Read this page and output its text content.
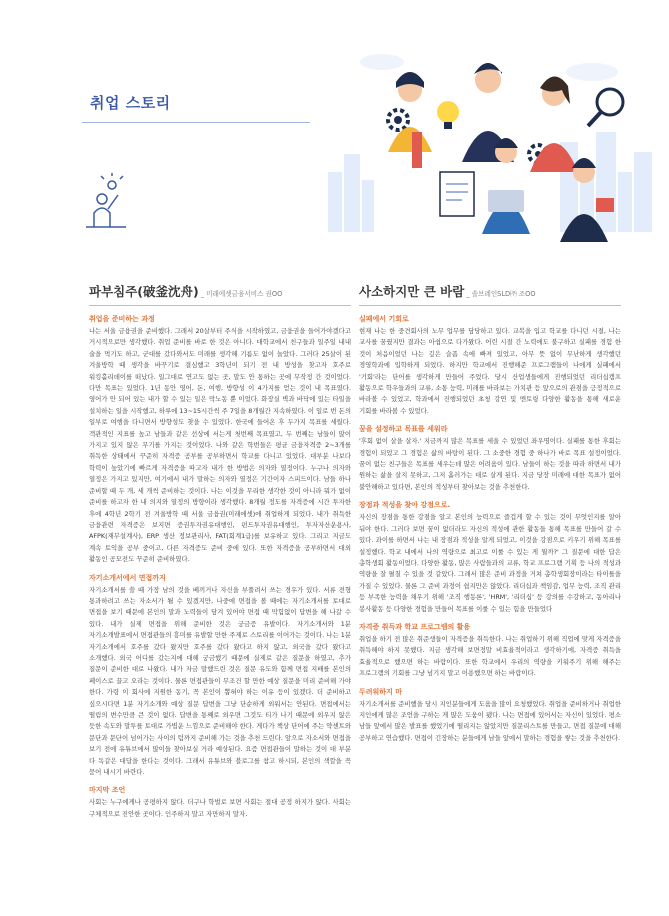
취업 스토리
파부침주(破釜沈舟) _ 미래에셋금융서비스 권OO
취업을 준비하는 과정

나는 서울 금융권을 준비했다. 그래서 20살부터 주식을 시작하였고, 금융권을 들어가야겠다고 거시적으로만 생각했다. 취업 준비를 바로 한 것은 아니다. 대학교에서 친구들과 일주일 내내 술을 먹기도 하고, 군대를 갔다와서도 미래를 생각해 기름도 없이 놀았다. 그러다 25살이 된 겨울방학 때 생각을 바꾸기로 결심했고 3학년이 되기 전 내 방성을 찾고자 호주로 워킹홀리데이를 떠났다. 일그대로 연고도 없는 곳, 말도 안 통하는 곳에 무작정 간 것이었다. 다만 목표는 있었다. 1년 동안 영어, 돈, 여행, 방향성 이 4가지를 얻는 것이 내 목표였다. 영어가 안 되어 있는 내가 할 수 있는 일은 막노동 뿐 이었다. 화장실 벽과 바닥에 있는 타일을 설치하는 일을 시작했고, 하루에 13~15시간씩 주 7일을 8개월간 지속하였다. 이 일로 번 돈의 일부로 여행을 다니면서 방향성도 찾을 수 있었다. 한국에 들어온 후 두가지 목표를 세웠다. 객관적인 지표를 높고 남들과 같은 선상에 서는게 첫번째 목표였고, 두 번째는 남들이 많이 가지고 있지 않은 무기를 가지는 것이었다. 나와 같은 학번들은 평균 금융자격증 2~3개를 취득한 상태에서 꾸준히 자격증 공부를 공부하면서 학교를 다니고 있었다. 대부분 나보다 학력이 높았기에 빠르게 자격증을 따고자 내가 한 방법은 의자와 열정이다. 누구나 의자와 열정은 가지고 있지만, 여기에서 내가 말하는 의자와 열정은 기간이자 스피드이다. 남들 하나 준비할 때 두 개, 세 개씩 준비하는 것이다. 나는 이것을 무리한 생각한 것이 아니라 뭐가 없이 준비를 하고자 한 내 의지와 열정의 방향이라 생각했다. 8개월 정도를 자격증에 시간 투자한 후에 4학년 2학기 전 겨울방학 때 서울 금융권(미래에셋)에 취업하게 되었다. 내가 취득한 금융관련 자격증은 보지면 증권투자권유대행인, 펀드투자권유대행인, 투자자산운용사, AFPK(재무설계사), ERP 생산 정보관리사, FAT(회계1급)를 보유하고 있다. 그리고 지금도 계속 토익을 공부 중이고, 다른 자격증도 준비 중에 있다. 또한 자격증을 공부하면서 대외 활동인 공모전도 꾸준히 준비하였다.

자기소개서에서 면접까지

자기소개서를 쓸 때 가장 남의 것을 베끼거나 자신을 부풀려서 쓰는 경우가 있다. 서류 전형 통과하려고 쓰는 자소서가 될 수 있겠지만, 나중에 면접을 볼 때에는 자기소개서를 토대로 면접을 보기 때문에 본인의 말과 노력들이 담겨 있어야 면접 때 막힘없이 답변을 해 나갈 수 있다. 내가 실제 면접을 위해 준비한 것은 궁금증 유발이다. 자기소개서와 1분 자기소개발표에서 면접관들의 흥미를 유발할 만한 주제로 스토리를 이어가는 것이다. 나는 1분 자기소개에서 호주를 갔다 왔지만 호주를 갔다 왔다고 하지 않고, 외국을 갔다 왔다고 소개했다. 외국 어디를 갔는지에 대해 궁금했기 때문에 실제로 같은 질문을 하였고, 추가 질문이 준비한 대로 나왔다. 내가 자금 말했드린 것은 질문 유도와 함께 면접 지배를 본인의 페이스로 끌고 오라는 것이다. 물론 면접관들이 무조건 할 만한 예상 질문을 미리 준비해 가야 한다. 가령 이 회사에 지원한 동기, 꼭 본인이 뽑혀야 하는 이유 등이 있겠다. 더 준비하고 싶으시다면 1분 자기소개와 예상 질문 답변을 그냥 단순하게 외워서는 안된다. 면접에서는 떨림의 변수만큼 큰 것이 없다. 답변을 통째로 외우면 그것도 티가 나기 때문에 외우지 않은 듯한 속도와 말투를 토대로 가볍운 느낌으로 준비해야 한다. 게다가 책상 단어에 주는 약센트와 문단과 문단이 넘어가는 사이의 텀까지 준비해 가는 것을 추천 드린다. 앞으로 자소서와 면접을 보기 전에 유튜브에서 많이들 찾아보실 거라 예상된다. 요즘 면접관들이 말하는 것이 대 부분 다 독같은 대답을 한다는 것이다. 그래서 유튜브와 블로그를 참고 하시되, 본인의 색깔을 꼭 묻어 내시기 바란다.

마지막 조언

사회는 누구에게나 공평하지 않다. 더구나 학벌로 보면 사회는 절대 공정 하지가 않다. 사회는 구체적으로 진안한 곳이다. 인주하지 말고 자만하지 말자.

사소하지만 큰 바람 _ 솔브레인SLD㈜ 조OO
실패에서 기회로

현재 나는 한 중견회사의 노무 업무를 담당하고 있다. 교복을 입고 학교를 다니던 시절, 나는 교사를 꿈꿨지만 결과는 아쉽으로 다가왔다. 어린 시절 간 노력에도 불구하고 실패를 경험 한 것이 처음이었던 나는 깊은 슬픔 속에 빠져 있었고, 아무 뜻 없이 무난하게 생각했던 경영학과에 입학하게 되었다. 하지만 학교에서 진행해준 프로그램들이 나에게 실패에서 '기회'라는 단어를 생각하게 만들어 주었다. 당시 산업생들에게 진행되었던 리더십캠프 활동으로 학우들과의 교류, 소통 능력, 미래를 바라보는 가치관 등 앞으로의 관점을 긍정적으로 바라볼 수 있었고, 학과에서 진행되었던 초청 강연 및 멘토링 다양한 활동을 통해 새로운 기회를 바라볼 수 있었다.

꿈을 설정하고 목표를 세워라

'후회 없이 살을 살자.' 지금까지 많은 목표를 세울 수 있었던 좌우명이다. 실패를 통한 후회는 경험이 되었고 그 경험은 삶의 바탕이 된다. 그 소중한 경험 중 하나가 바로 목표 설정이었다. 꿈이 없는 친구들은 목표를 세우는데 많은 어려움이 있다. 남들이 하는 것을 따라 하면서 내가 원하는 삶을 살지 못하고, 그저 흘러가는 대로 살게 된다. 지금 당장 미래에 대한 목표가 없어 불안해하고 있다면, 본인의 적성부터 찾아보는 것을 추천한다.

장점과 적성을 찾아 강점으로.

자신의 장점을 통한 강점을 알고 본인의 능력으로 즐겁게 할 수 있는 것이 무엇인지를 알아 둬야 한다. 그러다 보면 꿈이 없더라도 자신의 적성에 관한 활동들 통해 목표를 만들어 갈 수 있다. 과이를 하면서 나는 내 장점과 적성을 알게 되었고, 이것을 강점으로 키우기 위해 목표를 설정했다. 학교 내에서 나의 역량으로 최고로 이룰 수 있는 게 뭘까?' 그 질문에 대한 답은 총학생회 활동이었다. 다양한 활동, 많은 사람들과의 교류, 학교 프로그램 기획 등 나의 적성과 역량을 잘 펼칠 수 있을 것 같았다. 그래서 많은 준비 과정을 거쳐 총학생회장이라는 타이틀을 가질 수 있었다. 물론 그 준비 과정이 쉽지만은 않았다. 리더십과 책임감, 업무 능력, 조직 관리 등 부족한 능력을 채우기 위해 '조직 행동론', 'HRM', '리더십' 등 강의를 수강하고, 동아리나 봉사활동 등 다양한 경험을 만들어 목표를 이룰 수 있는 힘을 만들었다

자격증 취득과 학교 프로그램의 활용

취업을 하기 전 많은 취준생들이 자격증을 취득한다. 나는 취업하기 위해 직업에 맞게 자격증을 취득해야 하지 못했다. 지금 생각해 보면정말 비효율적이라고 생각하기에, 자격증 취득을 효율적으로 했으면 하는 바람이다. 또한 학교에서 우리의 역량을 키워주기 위해 해주는 프로그램의 기회를 그냥 넘기지 말고 이용했으면 하는 바람이다.

두려워하지 마

자기소개서를 준비했을 당시 지인분들에게 도움을 많이 요청했었다. 취업을 준비하거나 취업한 지인에게 많은 조언을 구하는 게 많은 도움이 됐다. 나는 면접에 있어서는 자신이 있었다. 평소 남들 앞에서 많은 발표를 했었기에 떨리지는 않았지만 질문리스트를 만들고, 면접 질문에 대해 공부하고 연습했다. 면접이 긴장하는 분들에게 남들 앞에서 말하는 경험을 쌓는 것을 추천한다.
